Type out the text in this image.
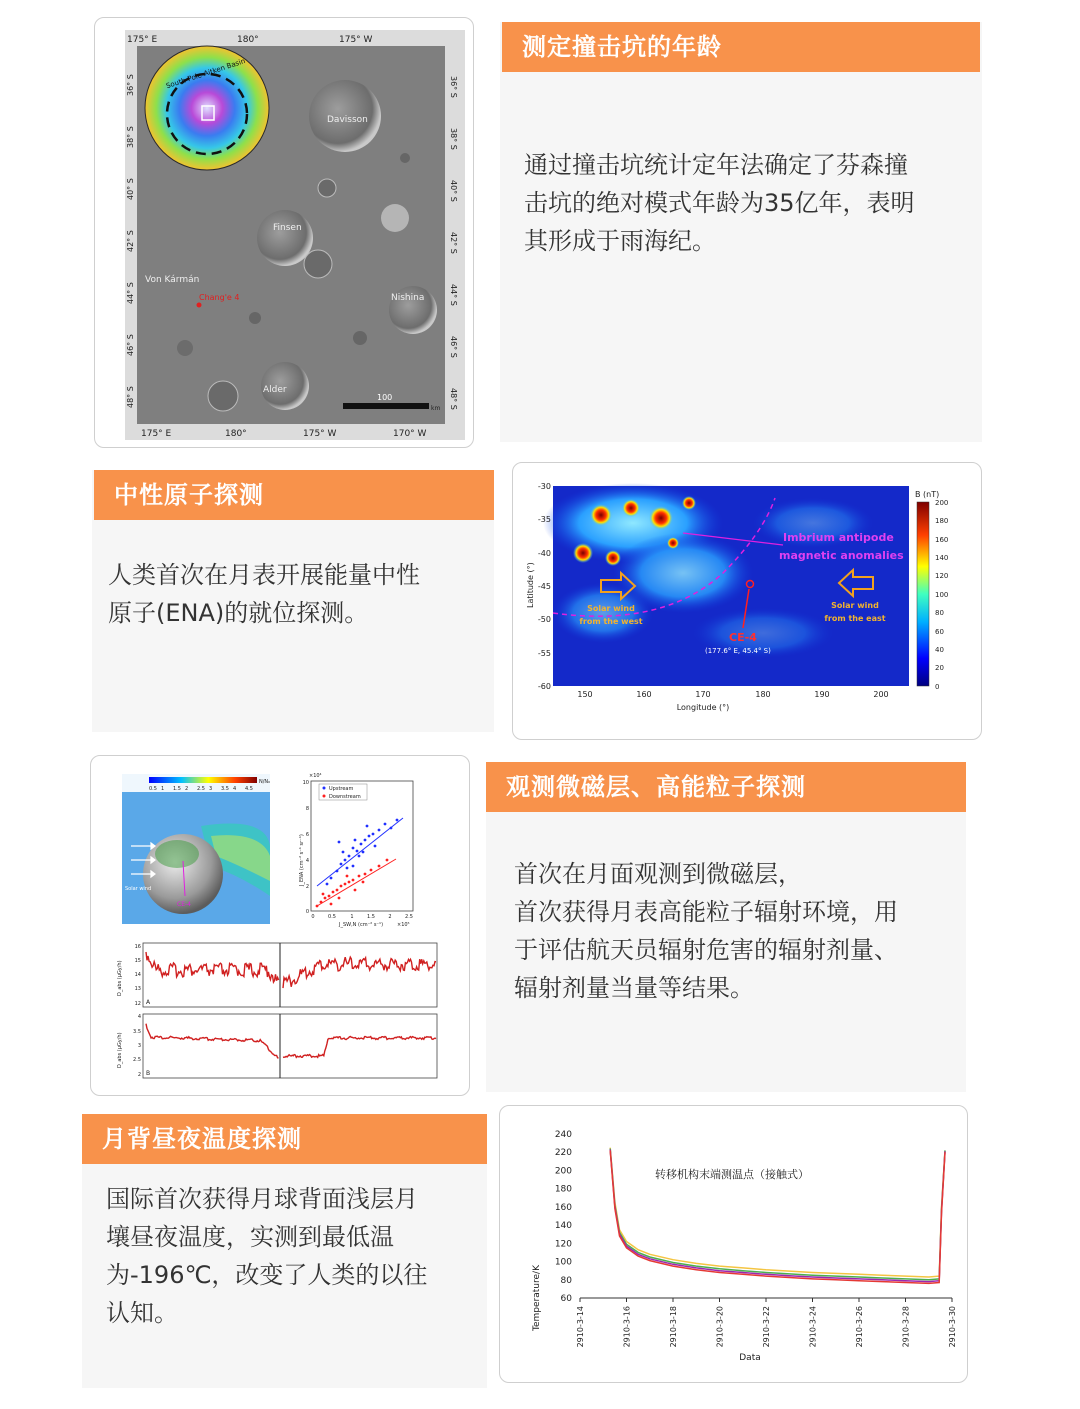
测定撞击坑的年龄
通过撞击坑统计定年法确定了芬森撞
击坑的绝对模式年龄为35亿年，表明
其形成于雨海纪。
175° E	180°	175° W
175° E	180°	175° W	170° W
36° S
38° S
40° S
42° S
44° S
46° S
48° S
36° S
38° S
40° S
42° S
44° S
46° S
48° S
South Pole-Aitken Basin
Davisson
Finsen
Von Kármán
Nishina
Alder
Chang'e 4
100
km
中性原子探测
人类首次在月表开展能量中性
原子(ENA)的就位探测。
B (nT)
200
180
160
140
120
100
80
60
40
20
0
-30
-35
-40
-45
-50
-55
-60
150	160	170	180	190	200
Latitude (°)
Longitude (°)
Imbrium antipode
magnetic anomalies
Solar wind
from the west
Solar wind
from the east
CE-4
(177.6° E, 45.4° S)
观测微磁层、高能粒子探测
首次在月面观测到微磁层，
首次获得月表高能粒子辐射环境，用
于评估航天员辐射危害的辐射剂量、
辐射剂量当量等结果。
0.5 1 1.5 2 2.5 3 3.5 4 4.5
N/N₀
Solar wind
CE-4
×10⁴
Upstream
Downstream
10
8
6
4
2
0
0	0.5	1	1.5	2	2.5
×10⁵
J_ENA (cm⁻² s⁻¹ sr⁻¹)
J_SW,N (cm⁻² s⁻¹)
16
15
14
13
12
D_abs (μGy/h)
A
4
3.5
3
2.5
2
D_abs (μGy/h)
B
月背昼夜温度探测
国际首次获得月球背面浅层月
壤昼夜温度，实测到最低温
为-196℃，改变了人类的以往
认知。
转移机构末端测温点（接触式）
Temperature/K
Data
60
80
100
120
140
160
180
200
220
240
2910-3-14	2910-3-16	2910-3-18	2910-3-20	2910-3-22	2910-3-24	2910-3-26	2910-3-28	2910-3-30
